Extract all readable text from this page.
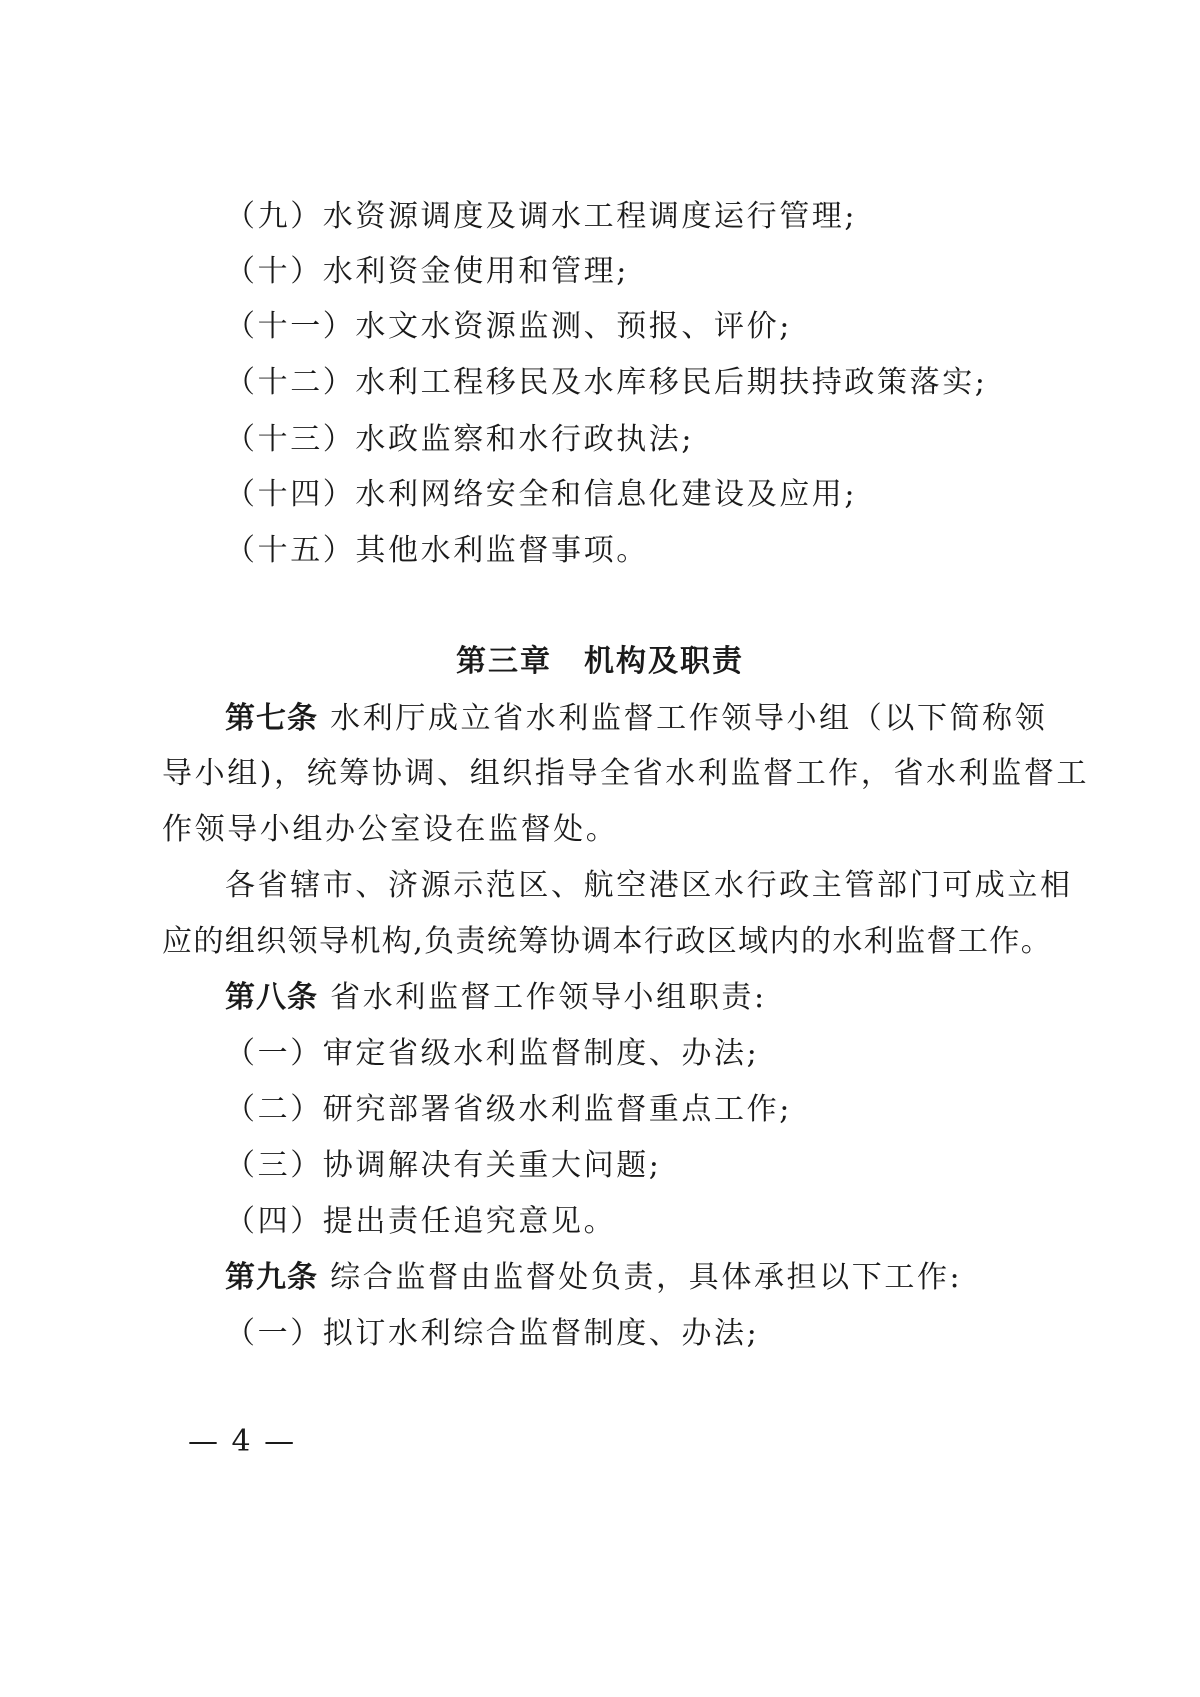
（九）水资源调度及调水工程调度运行管理;
（十）水利资金使用和管理;
（十一）水文水资源监测、预报、评价;
（十二）水利工程移民及水库移民后期扶持政策落实;
（十三）水政监察和水行政执法;
（十四）水利网络安全和信息化建设及应用;
（十五）其他水利监督事项。
第三章　机构及职责
第七条 水利厅成立省水利监督工作领导小组（以下简称领
导小组)，统筹协调、组织指导全省水利监督工作，省水利监督工
作领导小组办公室设在监督处。
各省辖市、济源示范区、航空港区水行政主管部门可成立相
应的组织领导机构,负责统筹协调本行政区域内的水利监督工作。
第八条 省水利监督工作领导小组职责:
（一）审定省级水利监督制度、办法;
（二）研究部署省级水利监督重点工作;
（三）协调解决有关重大问题;
（四）提出责任追究意见。
第九条 综合监督由监督处负责，具体承担以下工作:
（一）拟订水利综合监督制度、办法;
— 4 —
